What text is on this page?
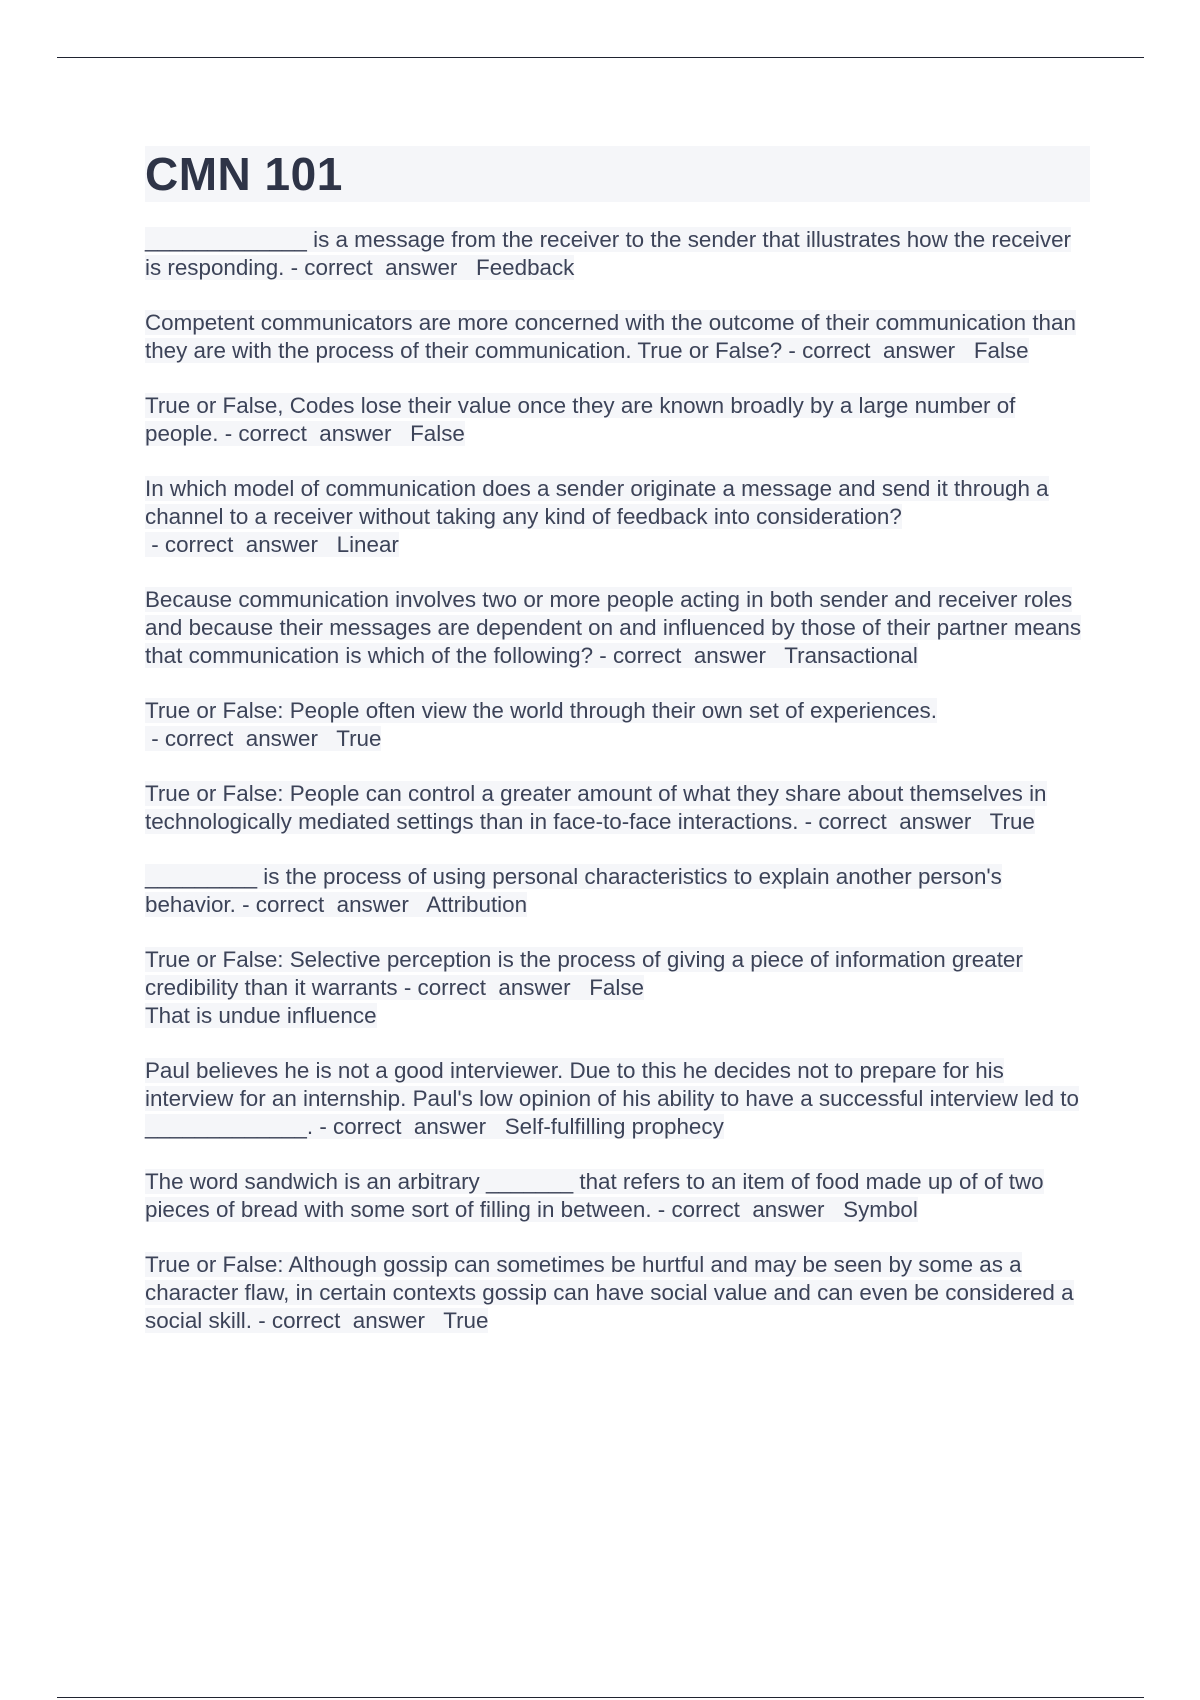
CMN 101
_____________ is a message from the receiver to the sender that illustrates how the receiver is responding. - correct  answer   Feedback
Competent communicators are more concerned with the outcome of their communication than they are with the process of their communication. True or False? - correct  answer   False
True or False, Codes lose their value once they are known broadly by a large number of people. - correct  answer   False
In which model of communication does a sender originate a message and send it through a channel to a receiver without taking any kind of feedback into consideration? - correct  answer   Linear
Because communication involves two or more people acting in both sender and receiver roles and because their messages are dependent on and influenced by those of their partner means that communication is which of the following? - correct  answer   Transactional
True or False: People often view the world through their own set of experiences. - correct  answer   True
True or False: People can control a greater amount of what they share about themselves in technologically mediated settings than in face-to-face interactions. - correct  answer   True
_________ is the process of using personal characteristics to explain another person's behavior. - correct  answer   Attribution
True or False: Selective perception is the process of giving a piece of information greater credibility than it warrants - correct  answer   False
That is undue influence
Paul believes he is not a good interviewer. Due to this he decides not to prepare for his interview for an internship. Paul's low opinion of his ability to have a successful interview led to _____________. - correct  answer   Self-fulfilling prophecy
The word sandwich is an arbitrary _______ that refers to an item of food made up of of two pieces of bread with some sort of filling in between. - correct  answer   Symbol
True or False: Although gossip can sometimes be hurtful and may be seen by some as a character flaw, in certain contexts gossip can have social value and can even be considered a social skill. - correct  answer   True
